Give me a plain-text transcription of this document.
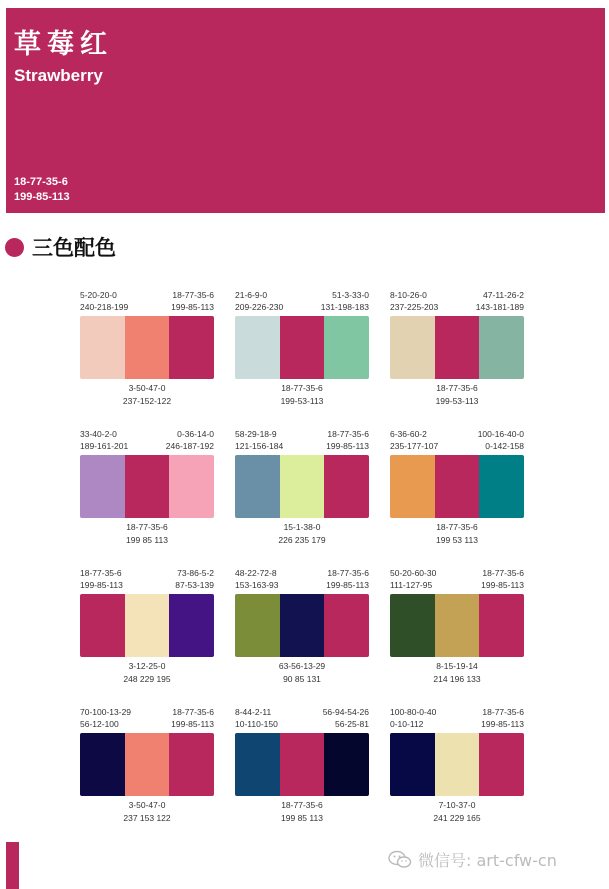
草莓红
Strawberry
18-77-35-6
199-85-113
三色配色
5-20-20-0
240-218-199
18-77-35-6
199-85-113
3-50-47-0
237-152-122
21-6-9-0
209-226-230
51-3-33-0
131-198-183
18-77-35-6
199-53-113
8-10-26-0
237-225-203
47-11-26-2
143-181-189
18-77-35-6
199-53-113
33-40-2-0
189-161-201
0-36-14-0
246-187-192
18-77-35-6
199 85 113
58-29-18-9
121-156-184
18-77-35-6
199-85-113
15-1-38-0
226 235 179
6-36-60-2
235-177-107
100-16-40-0
0-142-158
18-77-35-6
199 53 113
18-77-35-6
199-85-113
73-86-5-2
87-53-139
3-12-25-0
248 229 195
48-22-72-8
153-163-93
18-77-35-6
199-85-113
63-56-13-29
90 85 131
50-20-60-30
111-127-95
18-77-35-6
199-85-113
8-15-19-14
214 196 133
70-100-13-29
56-12-100
18-77-35-6
199-85-113
3-50-47-0
237 153 122
8-44-2-11
10-110-150
56-94-54-26
56-25-81
18-77-35-6
199 85 113
100-80-0-40
0-10-112
18-77-35-6
199-85-113
7-10-37-0
241 229 165
微信号: art-cfw-cn
